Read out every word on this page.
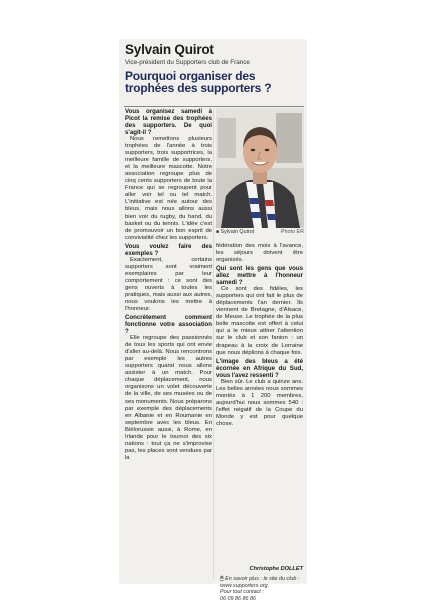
Sylvain Quirot
Vice-président du Supporters club de France
Pourquoi organiser des trophées des supporters ?

Vous organisez samedi à Picot la remise des trophées des supporters. De quoi s'agit-il ?

Nous remettons plusieurs trophées de l'année à trois supporters, trois supportrices, la meilleure famille de supporters, et la meilleure mascotte. Notre association regroupe plus de cinq cents supporters de toute la France qui se regroupent pour aller voir tel ou tel match. L'initiative est née autour des bleus, mais nous allons aussi bien voir du rugby, du hand, du basket ou du tennis. L'idée c'est de promouvoir un bon esprit de convivialité chez les supporters.

Vous voulez faire des exemples ?

Exactement, certains supporters sont vraiment exemplaires par leur comportement : ce sont des gens ouverts à toutes les pratiques, mais aussi aux autres, nous voulons les mettre à l'honneur.

Concrètement comment fonctionne votre association ?

Elle regroupe des passionnés de tous les sports qui ont envie d'aller au-delà. Nous rencontrons par exemple les autres supporters quand nous allons assister à un match. Pour chaque déplacement, nous organisons un volet découverte de la ville, de ses musées ou de ses monuments. Nous préparons par exemple des déplacements en Albanie et en Roumanie en septembre avec les bleus. En Biélorussie aussi, à Rome, en Irlande pour le tournoi des six nations : tout ça ne s'improvise pas, les places sont vendues par la

■ Sylvain Quirot	Photo ER

fédération des mois à l'avance, les séjours doivent être organisés.

Qui sont les gens que vous allez mettre à l'honneur samedi ?

Ce sont des fidèles, les supporters qui ont fait le plus de déplacements l'an dernier. Ils viennent de Bretagne, d'Alsace, de Meuse. Le trophée de la plus belle mascotte est offert à celui qui a le mieux attirer l'attention sur le club et son fanion : un drapeau à la croix de Lorraine que nous déplions à chaque fois.

L'image des bleus a été écornée en Afrique du Sud, vous l'avez ressenti ?

Bien sûr. Le club a quinze ans. Les belles années nous sommes montés à 1 200 membres, aujourd'hui nous sommes 540 : l'effet négatif de la Coupe du Monde y est pour quelque chose.

Christophe DOLLET
🖱 En savoir plus : le site du club : www.supporters.org.
Pour tout contact :
06 09 86 86 86
